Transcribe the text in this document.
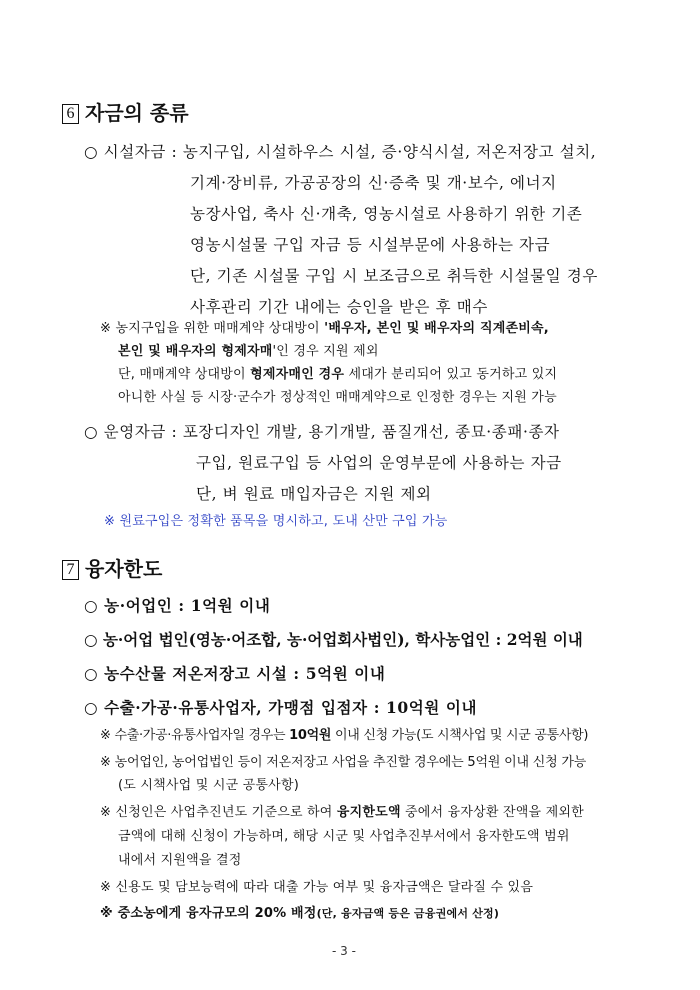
6 자금의 종류
○ 시설자금 : 농지구입, 시설하우스 시설, 증·양식시설, 저온저장고 설치,
기계·장비류, 가공공장의 신·증축 및 개·보수, 에너지
농장사업, 축사 신·개축, 영농시설로 사용하기 위한 기존
영농시설물 구입 자금 등 시설부문에 사용하는 자금
단, 기존 시설물 구입 시 보조금으로 취득한 시설물일 경우
사후관리 기간 내에는 승인을 받은 후 매수
※ 농지구입을 위한 매매계약 상대방이 '배우자, 본인 및 배우자의 직계존비속,
본인 및 배우자의 형제자매'인 경우 지원 제외
단, 매매계약 상대방이 형제자매인 경우 세대가 분리되어 있고 동거하고 있지
아니한 사실 등 시장·군수가 정상적인 매매계약으로 인정한 경우는 지원 가능
○ 운영자금 : 포장디자인 개발, 용기개발, 품질개선, 종묘·종패·종자
구입, 원료구입 등 사업의 운영부문에 사용하는 자금
단, 벼 원료 매입자금은 지원 제외
※ 원료구입은 정확한 품목을 명시하고, 도내 산만 구입 가능
7 융자한도
○ 농·어업인 : 1억원 이내
○ 농·어업 법인(영농·어조합, 농·어업회사법인), 학사농업인 : 2억원 이내
○ 농수산물 저온저장고 시설 : 5억원 이내
○ 수출·가공·유통사업자, 가맹점 입점자 : 10억원 이내
※ 수출·가공·유통사업자일 경우는 10억원 이내 신청 가능(도 시책사업 및 시군 공통사항)
※ 농어업인, 농어업법인 등이 저온저장고 사업을 추진할 경우에는 5억원 이내 신청 가능
(도 시책사업 및 시군 공통사항)
※ 신청인은 사업추진년도 기준으로 하여 융지한도액 중에서 융자상환 잔액을 제외한
금액에 대해 신청이 가능하며, 해당 시군 및 사업추진부서에서 융자한도액 범위
내에서 지원액을 결정
※ 신용도 및 담보능력에 따라 대출 가능 여부 및 융자금액은 달라질 수 있음
※ 중소농에게 융자규모의 20% 배정(단, 융자금액 등은 금융권에서 산정)
- 3 -
